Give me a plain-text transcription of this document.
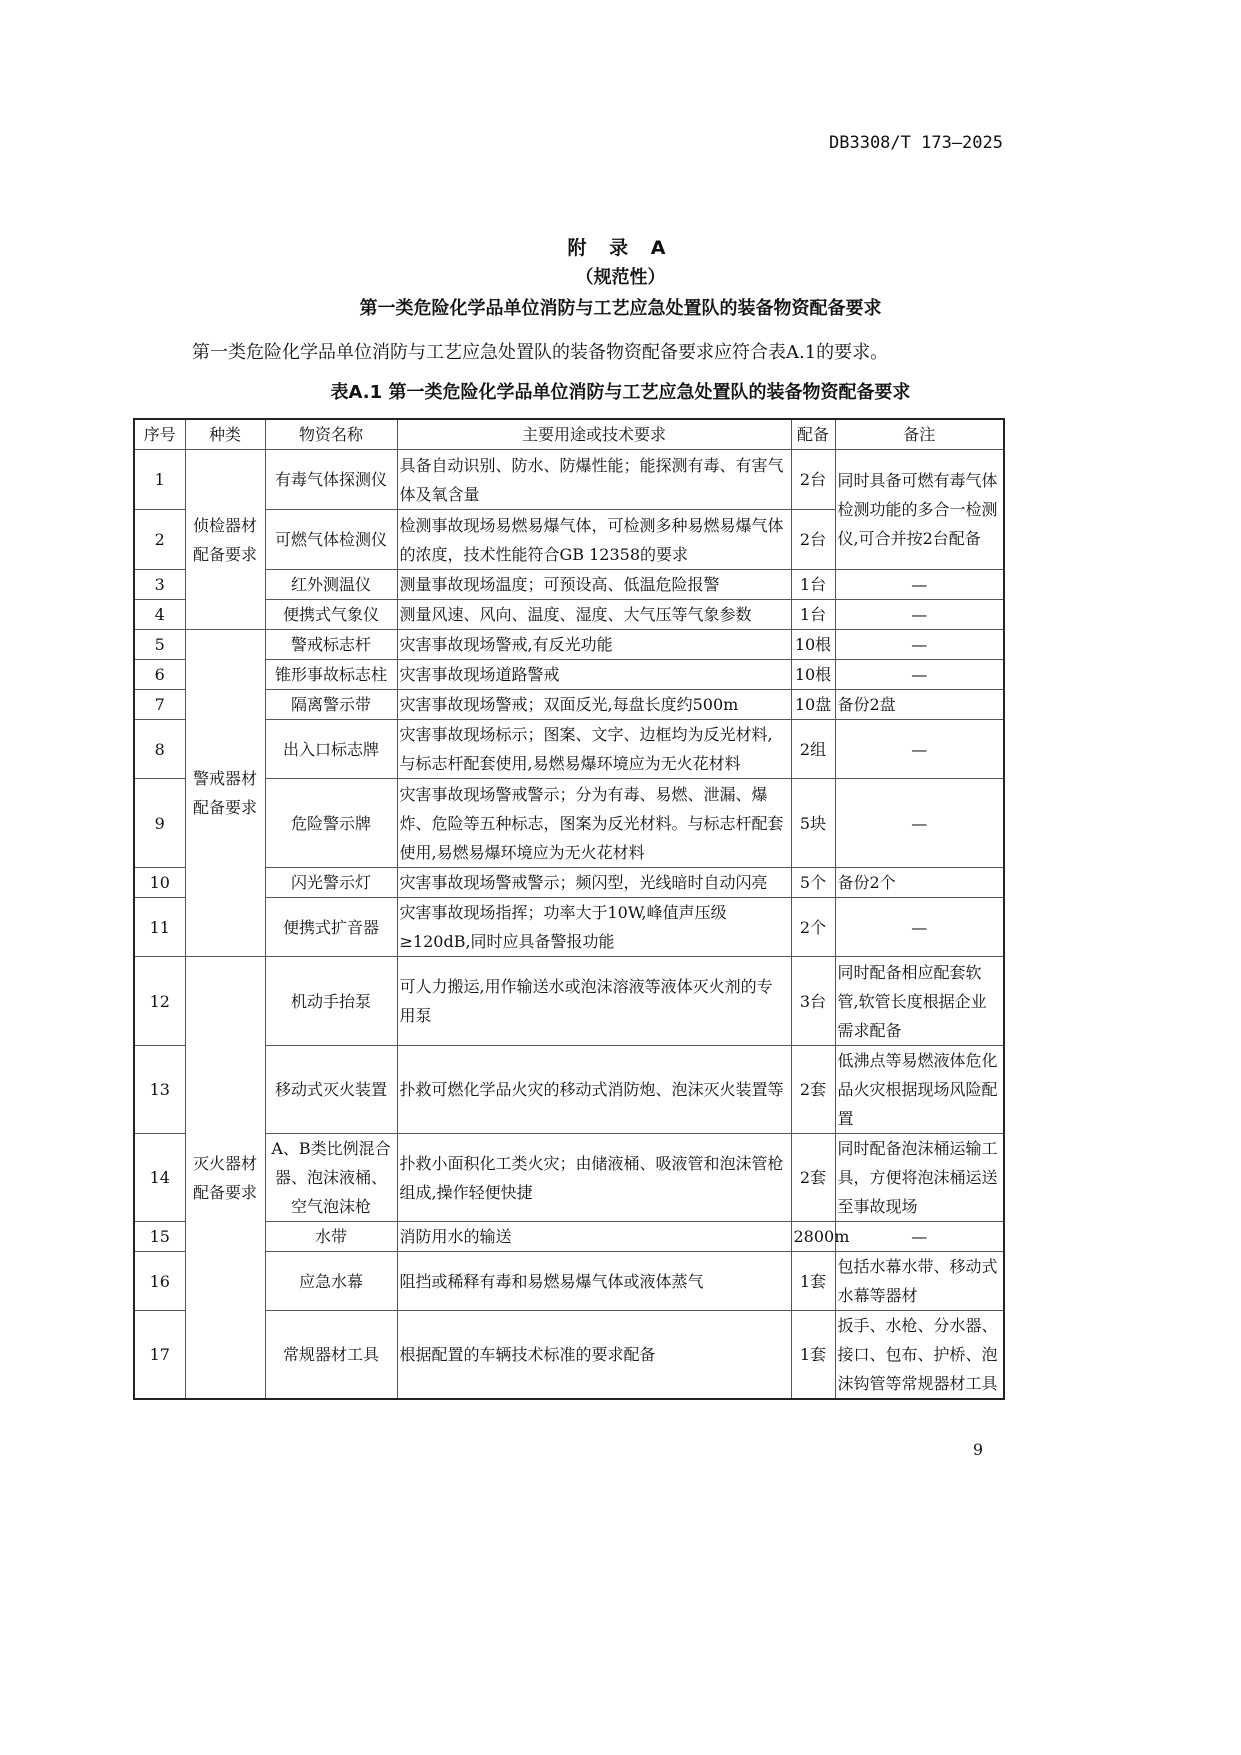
DB3308/T 173—2025
附 录 A
（规范性）
第一类危险化学品单位消防与工艺应急处置队的装备物资配备要求
第一类危险化学品单位消防与工艺应急处置队的装备物资配备要求应符合表A.1的要求。
表A.1 第一类危险化学品单位消防与工艺应急处置队的装备物资配备要求
序号	种类	物资名称	主要用途或技术要求	配备	备注
1	侦检器材配备要求	有毒气体探测仪	具备自动识别、防水、防爆性能；能探测有毒、有害气体及氧含量	2台	同时具备可燃有毒气体检测功能的多合一检测仪,可合并按2台配备
2		可燃气体检测仪	检测事故现场易燃易爆气体，可检测多种易燃易爆气体的浓度，技术性能符合GB 12358的要求	2台	
3		红外测温仪	测量事故现场温度；可预设高、低温危险报警	1台	—
4		便携式气象仪	测量风速、风向、温度、湿度、大气压等气象参数	1台	—
5	警戒器材配备要求	警戒标志杆	灾害事故现场警戒,有反光功能	10根	—
6		锥形事故标志柱	灾害事故现场道路警戒	10根	—
7		隔离警示带	灾害事故现场警戒；双面反光,每盘长度约500m	10盘	备份2盘
8		出入口标志牌	灾害事故现场标示；图案、文字、边框均为反光材料,与标志杆配套使用,易燃易爆环境应为无火花材料	2组	—
9		危险警示牌	灾害事故现场警戒警示；分为有毒、易燃、泄漏、爆炸、危险等五种标志，图案为反光材料。与标志杆配套使用,易燃易爆环境应为无火花材料	5块	—
10		闪光警示灯	灾害事故现场警戒警示；频闪型，光线暗时自动闪亮	5个	备份2个
11		便携式扩音器	灾害事故现场指挥；功率大于10W,峰值声压级≥120dB,同时应具备警报功能	2个	—
12	灭火器材配备要求	机动手抬泵	可人力搬运,用作输送水或泡沫溶液等液体灭火剂的专用泵	3台	同时配备相应配套软管,软管长度根据企业需求配备
13		移动式灭火装置	扑救可燃化学品火灾的移动式消防炮、泡沫灭火装置等	2套	低沸点等易燃液体危化品火灾根据现场风险配置
14		A、B类比例混合器、泡沫液桶、空气泡沫枪	扑救小面积化工类火灾；由储液桶、吸液管和泡沫管枪组成,操作轻便快捷	2套	同时配备泡沫桶运输工具，方便将泡沫桶运送至事故现场
15		水带	消防用水的输送	2800m	—
16		应急水幕	阻挡或稀释有毒和易燃易爆气体或液体蒸气	1套	包括水幕水带、移动式水幕等器材
17		常规器材工具	根据配置的车辆技术标准的要求配备	1套	扳手、水枪、分水器、接口、包布、护桥、泡沫钩管等常规器材工具
9
